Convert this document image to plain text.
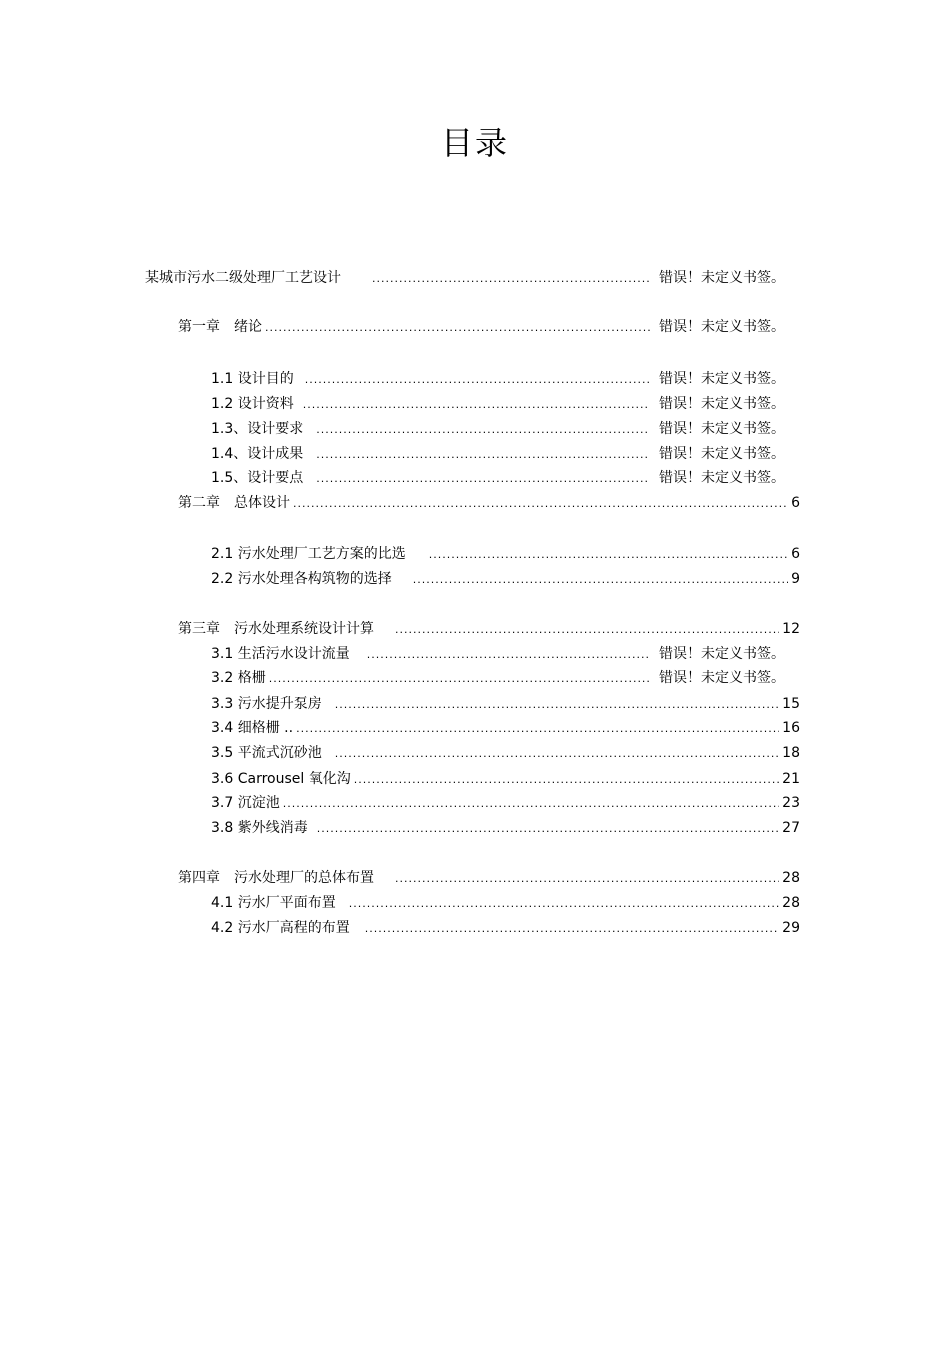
目录
某城市污水二级处理厂工艺设计 .....	错误！未定义书签。
第一章　绪论 .....	错误！未定义书签。
1.1 设计目的 .....	错误！未定义书签。
1.2 设计资料 .....	错误！未定义书签。
1.3、设计要求 .....	错误！未定义书签。
1.4、设计成果 .....	错误！未定义书签。
1.5、设计要点 .....	错误！未定义书签。
第二章　总体设计 .....	6
2.1 污水处理厂工艺方案的比选 .....	6
2.2 污水处理各构筑物的选择 .....	9
第三章　污水处理系统设计计算 .....	12
3.1 生活污水设计流量 .....	错误！未定义书签。
3.2 格栅 .....	错误！未定义书签。
3.3 污水提升泵房 .....	15
3.4 细格栅 .. .....	16
3.5 平流式沉砂池 .....	18
3.6 Carrousel 氧化沟 .....	21
3.7 沉淀池 .....	23
3.8 紫外线消毒 .....	27
第四章　污水处理厂的总体布置 .....	28
4.1 污水厂平面布置 .....	28
4.2 污水厂高程的布置 .....	29
